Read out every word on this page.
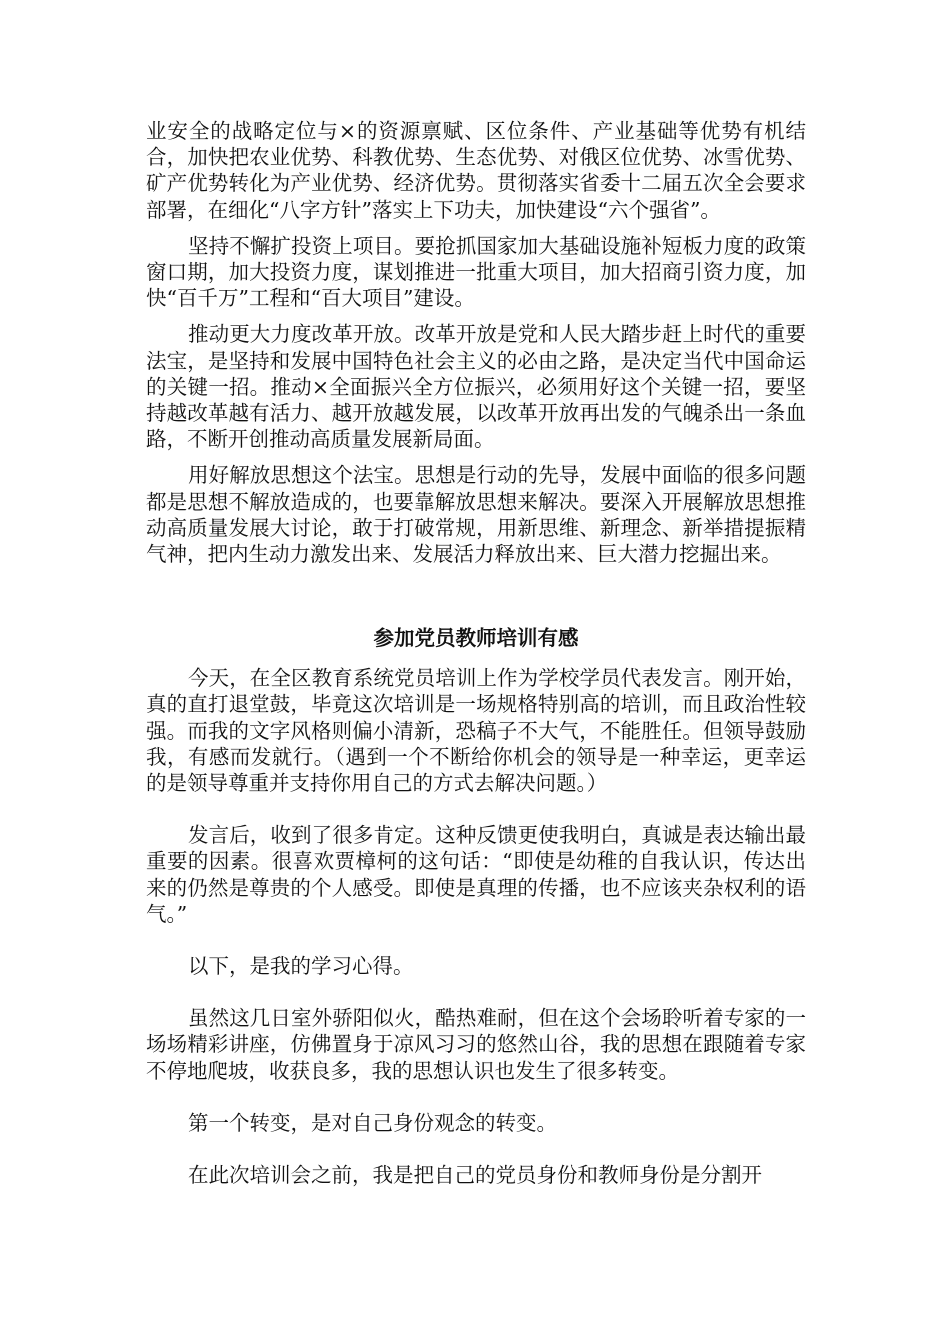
业安全的战略定位与×的资源禀赋、区位条件、产业基础等优势有机结合，加快把农业优势、科教优势、生态优势、对俄区位优势、冰雪优势、矿产优势转化为产业优势、经济优势。贯彻落实省委十二届五次全会要求部署，在细化“八字方针”落实上下功夫，加快建设“六个强省”。

坚持不懈扩投资上项目。要抢抓国家加大基础设施补短板力度的政策窗口期，加大投资力度，谋划推进一批重大项目，加大招商引资力度，加快“百千万”工程和“百大项目”建设。

推动更大力度改革开放。改革开放是党和人民大踏步赶上时代的重要法宝，是坚持和发展中国特色社会主义的必由之路，是决定当代中国命运的关键一招。推动×全面振兴全方位振兴，必须用好这个关键一招，要坚持越改革越有活力、越开放越发展，以改革开放再出发的气魄杀出一条血路，不断开创推动高质量发展新局面。

用好解放思想这个法宝。思想是行动的先导，发展中面临的很多问题都是思想不解放造成的，也要靠解放思想来解决。要深入开展解放思想推动高质量发展大讨论，敢于打破常规，用新思维、新理念、新举措提振精气神，把内生动力激发出来、发展活力释放出来、巨大潜力挖掘出来。

参加党员教师培训有感

今天，在全区教育系统党员培训上作为学校学员代表发言。刚开始，真的直打退堂鼓，毕竟这次培训是一场规格特别高的培训，而且政治性较强。而我的文字风格则偏小清新，恐稿子不大气，不能胜任。但领导鼓励我，有感而发就行。（遇到一个不断给你机会的领导是一种幸运，更幸运的是领导尊重并支持你用自己的方式去解决问题。）

发言后，收到了很多肯定。这种反馈更使我明白，真诚是表达输出最重要的因素。很喜欢贾樟柯的这句话：“即使是幼稚的自我认识，传达出来的仍然是尊贵的个人感受。即使是真理的传播，也不应该夹杂权利的语气。”

以下，是我的学习心得。

虽然这几日室外骄阳似火，酷热难耐，但在这个会场聆听着专家的一场场精彩讲座，仿佛置身于凉风习习的悠然山谷，我的思想在跟随着专家不停地爬坡，收获良多，我的思想认识也发生了很多转变。

第一个转变，是对自己身份观念的转变。

在此次培训会之前，我是把自己的党员身份和教师身份是分割开
